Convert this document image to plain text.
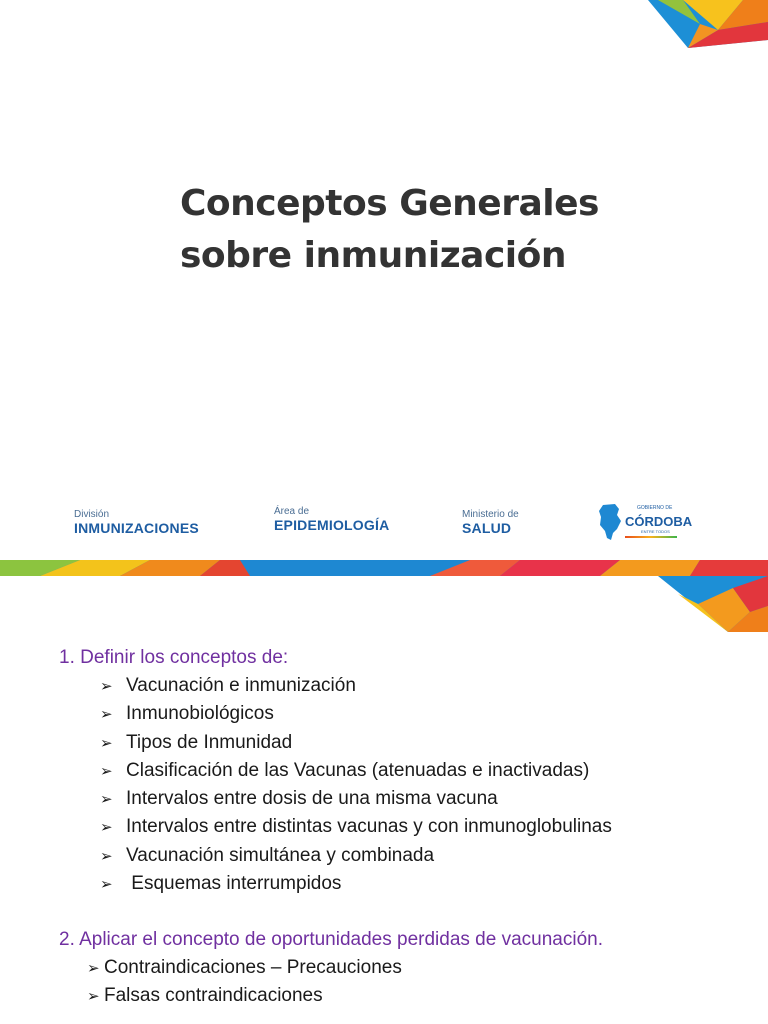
Conceptos Generales
sobre inmunización
División
INMUNIZACIONES
Área de
EPIDEMIOLOGÍA
Ministerio de
SALUD
GOBIERNO DE
CÓRDOBA
ENTRE TODOS

1. Definir los conceptos de:

➢ Vacunación e inmunización
➢ Inmunobiológicos
➢ Tipos de Inmunidad
➢ Clasificación de las Vacunas (atenuadas e inactivadas)
➢ Intervalos entre dosis de una misma vacuna
➢ Intervalos entre distintas vacunas y con inmunoglobulinas
➢ Vacunación simultánea y combinada
➢ Esquemas interrumpidos

2. Aplicar el concepto de oportunidades perdidas de vacunación.

➢ Contraindicaciones – Precauciones
➢ Falsas contraindicaciones
